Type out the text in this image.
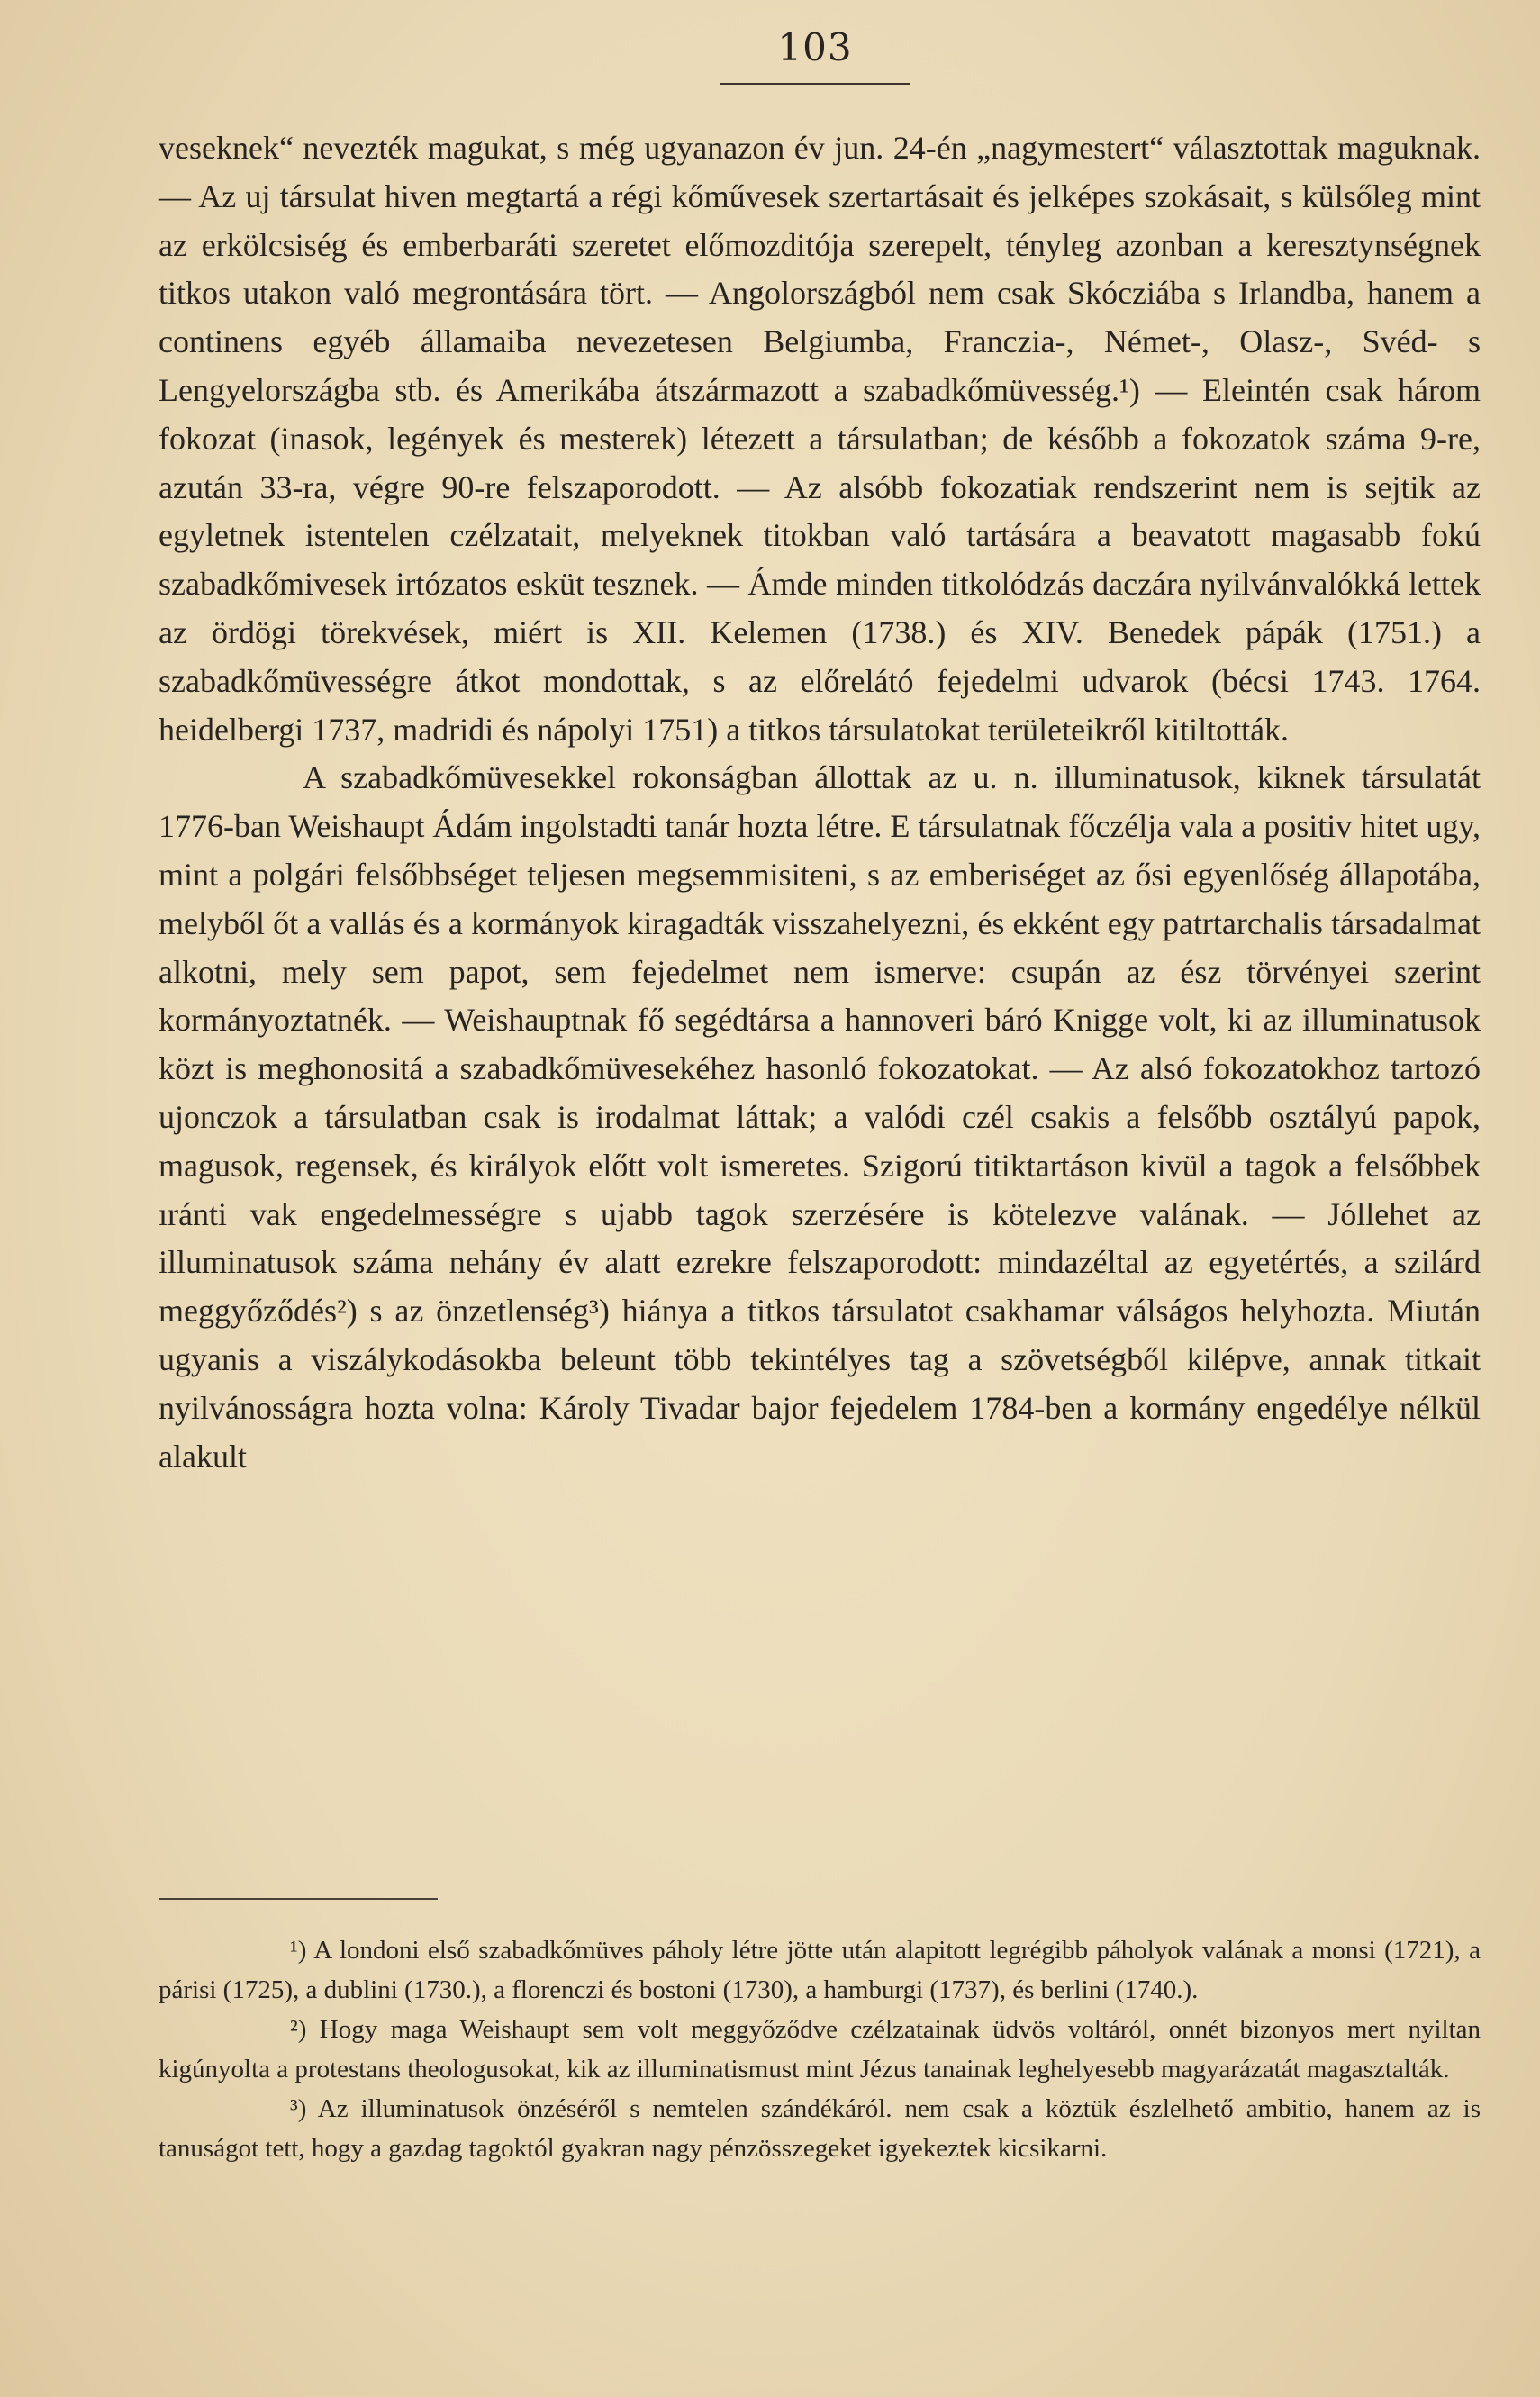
103

veseknek“ nevezték magukat, s még ugyanazon év jun. 24-én „nagymestert“ választottak maguknak. — Az uj társulat hiven megtartá a régi kőművesek szertartásait és jelképes szokásait, s külsőleg mint az erkölcsiség és emberbaráti szeretet előmozditója szerepelt, tényleg azonban a keresztynségnek titkos utakon való megrontására tört. — Angolországból nem csak Skócziába s Irlandba, hanem a continens egyéb államaiba nevezetesen Belgiumba, Franczia-, Német-, Olasz-, Svéd- s Lengyelországba stb. és Amerikába átszármazott a szabadkőmüvesség.¹) — Eleintén csak három fokozat (inasok, legények és mesterek) létezett a társulatban; de később a fokozatok száma 9-re, azután 33-ra, végre 90-re felszaporodott. — Az alsóbb fokozatiak rendszerint nem is sejtik az egyletnek istentelen czélzatait, melyeknek titokban való tartására a beavatott magasabb fokú szabadkőmivesek irtózatos esküt tesznek. — Ámde minden titkolódzás daczára nyilvánvalókká lettek az ördögi törekvések, miért is XII. Kelemen (1738.) és XIV. Benedek pápák (1751.) a szabadkőmüvességre átkot mondottak, s az előrelátó fejedelmi udvarok (bécsi 1743. 1764. heidelbergi 1737, madridi és nápolyi 1751) a titkos társulatokat területeikről kitiltották.

A szabadkőmüvesekkel rokonságban állottak az u. n. illuminatusok, kiknek társulatát 1776-ban Weishaupt Ádám ingolstadti tanár hozta létre. E társulatnak főczélja vala a positiv hitet ugy, mint a polgári felsőbbséget teljesen megsemmisiteni, s az emberiséget az ősi egyenlőség állapotába, melyből őt a vallás és a kormányok kiragadták visszahelyezni, és ekként egy patrtarchalis társadalmat alkotni, mely sem papot, sem fejedelmet nem ismerve: csupán az ész törvényei szerint kormányoztatnék. — Weishauptnak fő segédtársa a hannoveri báró Knigge volt, ki az illuminatusok közt is meghonositá a szabadkőmüvesekéhez hasonló fokozatokat. — Az alsó fokozatokhoz tartozó ujonczok a társulatban csak is irodalmat láttak; a valódi czél csakis a felsőbb osztályú papok, magusok, regensek, és királyok előtt volt ismeretes. Szigorú titiktartáson kivül a tagok a felsőbbek ıránti vak engedelmességre s ujabb tagok szerzésére is kötelezve valának. — Jóllehet az illuminatusok száma nehány év alatt ezrekre felszaporodott: mindazéltal az egyetértés, a szilárd meggyőződés²) s az önzetlenség³) hiánya a titkos társulatot csakhamar válságos helyhozta. Miután ugyanis a viszálykodásokba beleunt több tekintélyes tag a szövetségből kilépve, annak titkait nyilvánosságra hozta volna: Károly Tivadar bajor fejedelem 1784-ben a kormány engedélye nélkül alakult

¹) A londoni első szabadkőmüves páholy létre jötte után alapitott legrégibb páholyok valának a monsi (1721), a párisi (1725), a dublini (1730.), a florenczi és bostoni (1730), a hamburgi (1737), és berlini (1740.).

²) Hogy maga Weishaupt sem volt meggyőződve czélzatainak üdvös voltáról, onnét bizonyos mert nyiltan kigúnyolta a protestans theologusokat, kik az illuminatismust mint Jézus tanainak leghelyesebb magyarázatát magasztalták.

³) Az illuminatusok önzéséről s nemtelen szándékáról. nem csak a köztük észlelhető ambitio, hanem az is tanuságot tett, hogy a gazdag tagoktól gyakran nagy pénzösszegeket igyekeztek kicsikarni.
